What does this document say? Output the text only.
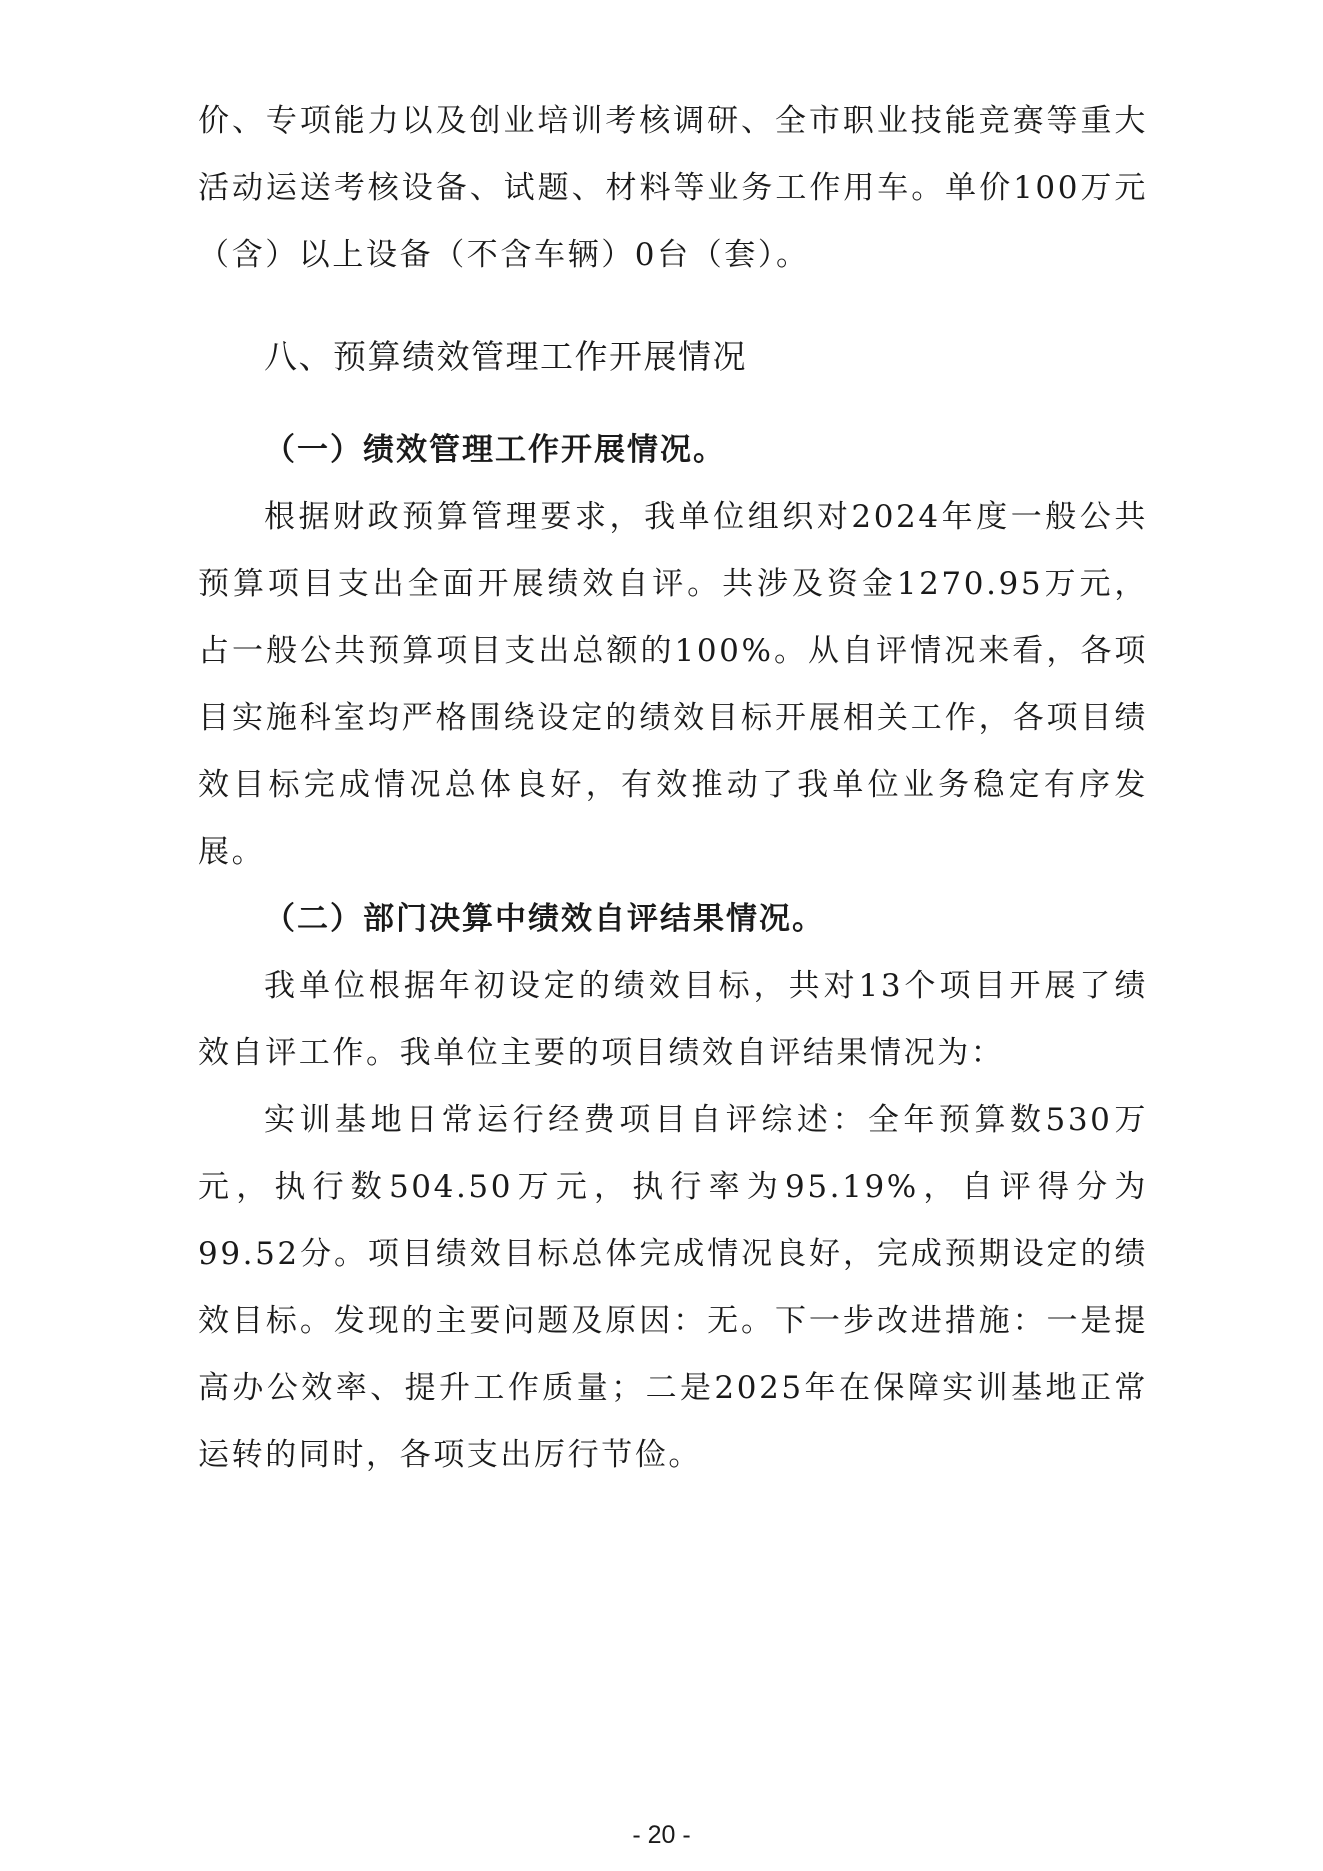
价、专项能力以及创业培训考核调研、全市职业技能竞赛等重大活动运送考核设备、试题、材料等业务工作用车。单价100万元（含）以上设备（不含车辆）0台（套）。

八、预算绩效管理工作开展情况
（一）绩效管理工作开展情况。

根据财政预算管理要求，我单位组织对2024年度一般公共预算项目支出全面开展绩效自评。共涉及资金1270.95万元，占一般公共预算项目支出总额的100%。从自评情况来看，各项目实施科室均严格围绕设定的绩效目标开展相关工作，各项目绩效目标完成情况总体良好，有效推动了我单位业务稳定有序发展。

（二）部门决算中绩效自评结果情况。

我单位根据年初设定的绩效目标，共对13个项目开展了绩效自评工作。我单位主要的项目绩效自评结果情况为：

实训基地日常运行经费项目自评综述：全年预算数530万元，执行数504.50万元，执行率为95.19%，自评得分为99.52分。项目绩效目标总体完成情况良好，完成预期设定的绩效目标。发现的主要问题及原因：无。下一步改进措施：一是提高办公效率、提升工作质量；二是2025年在保障实训基地正常运转的同时，各项支出厉行节俭。

- 20 -
